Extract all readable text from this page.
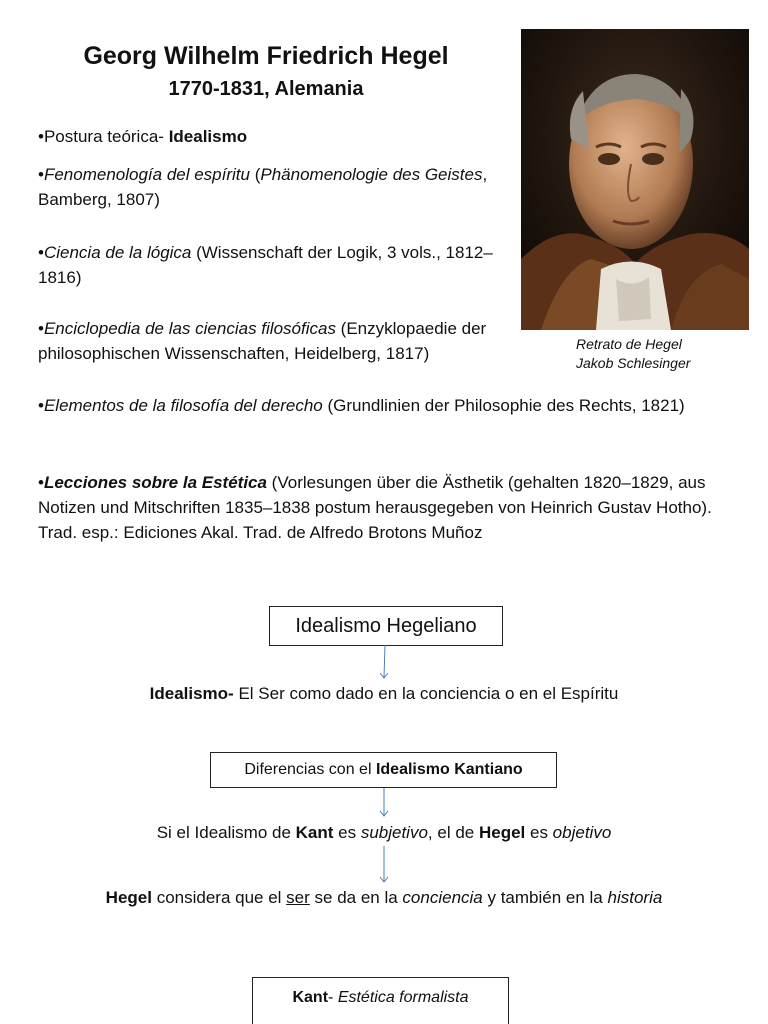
Georg Wilhelm Friedrich Hegel
1770-1831, Alemania
•Postura teórica- Idealismo
•Fenomenología del espíritu (Phänomenologie des Geistes, Bamberg, 1807)
•Ciencia de la lógica (Wissenschaft der Logik, 3 vols., 1812–1816)
•Enciclopedia de las ciencias filosóficas (Enzyklopaedie der philosophischen Wissenschaften, Heidelberg, 1817)
•Elementos de la filosofía del derecho (Grundlinien der Philosophie des Rechts, 1821)
•Lecciones sobre la Estética (Vorlesungen über die Ästhetik (gehalten 1820–1829, aus Notizen und Mitschriften 1835–1838 postum herausgegeben von Heinrich Gustav Hotho). Trad. esp.: Ediciones Akal. Trad. de Alfredo Brotons Muñoz
Retrato de Hegel
Jakob Schlesinger
Idealismo Hegeliano
Idealismo- El Ser como dado en la conciencia o en el Espíritu
Diferencias con el Idealismo Kantiano
Si el Idealismo de Kant es subjetivo, el de Hegel es objetivo
Hegel considera que el ser se da en la conciencia y también en la historia
Kant- Estética formalista
